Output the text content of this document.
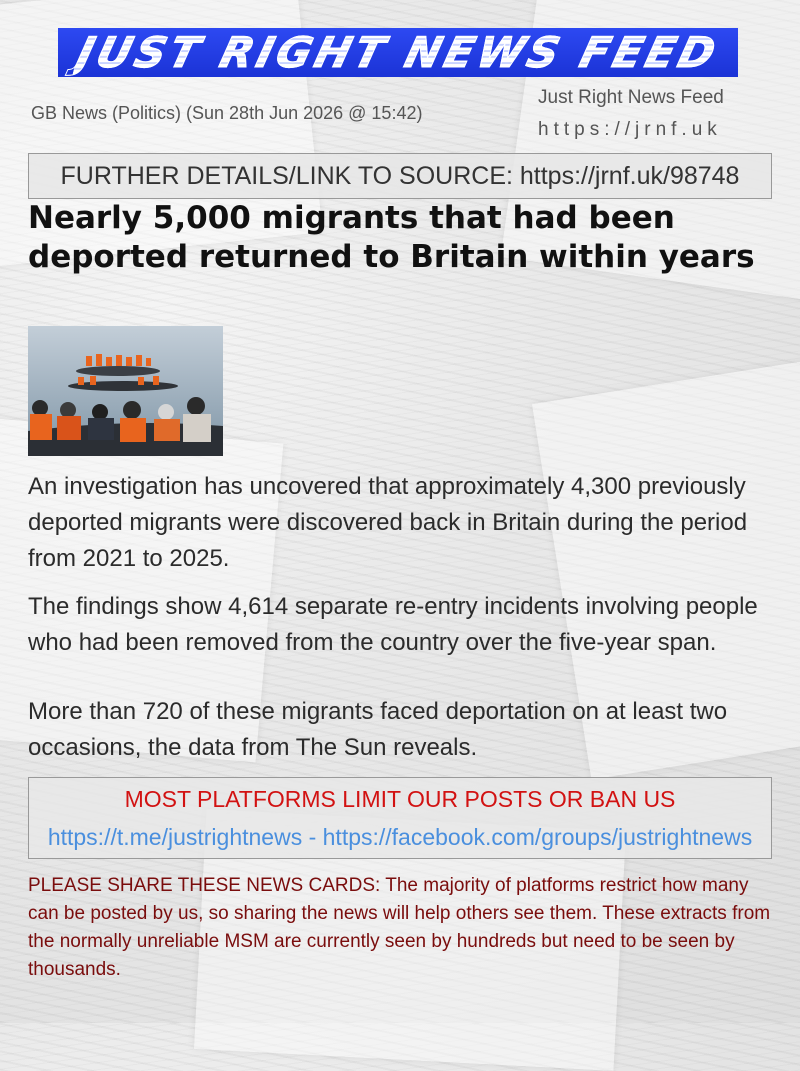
JUST RIGHT NEWS FEED
GB News (Politics) (Sun 28th Jun 2026 @ 15:42)
Just Right News Feed
https://jrnf.uk
FURTHER DETAILS/LINK TO SOURCE: https://jrnf.uk/98748
Nearly 5,000 migrants that had been deported returned to Britain within years

An investigation has uncovered that approximately 4,300 previously deported migrants were discovered back in Britain during the period from 2021 to 2025.

The findings show 4,614 separate re-entry incidents involving people who had been removed from the country over the five-year span.

More than 720 of these migrants faced deportation on at least two occasions, the data from The Sun reveals.

MOST PLATFORMS LIMIT OUR POSTS OR BAN US
https://t.me/justrightnews - https://facebook.com/groups/justrightnews

PLEASE SHARE THESE NEWS CARDS: The majority of platforms restrict how many can be posted by us, so sharing the news will help others see them. These extracts from the normally unreliable MSM are currently seen by hundreds but need to be seen by thousands.
